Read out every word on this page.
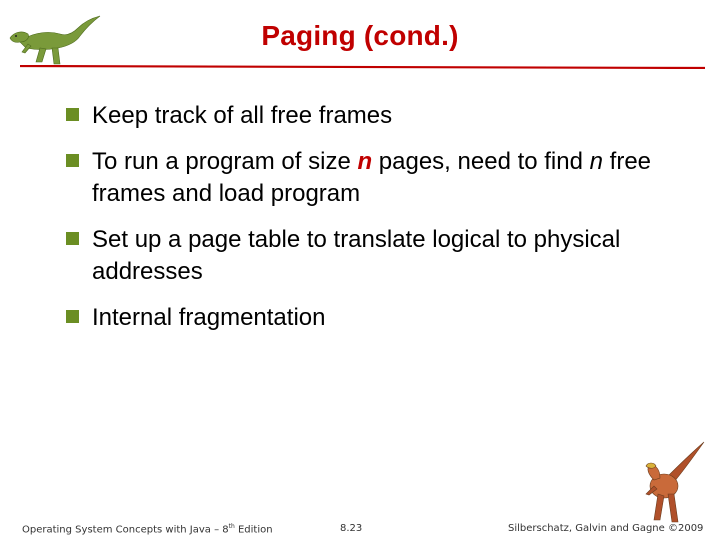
Paging (cond.)
Keep track of all free frames
To run a program of size n pages, need to find n free frames and load program
Set up a page table to translate logical to physical addresses
Internal fragmentation
Operating System Concepts with Java – 8th Edition	8.23	Silberschatz, Galvin and Gagne ©2009
